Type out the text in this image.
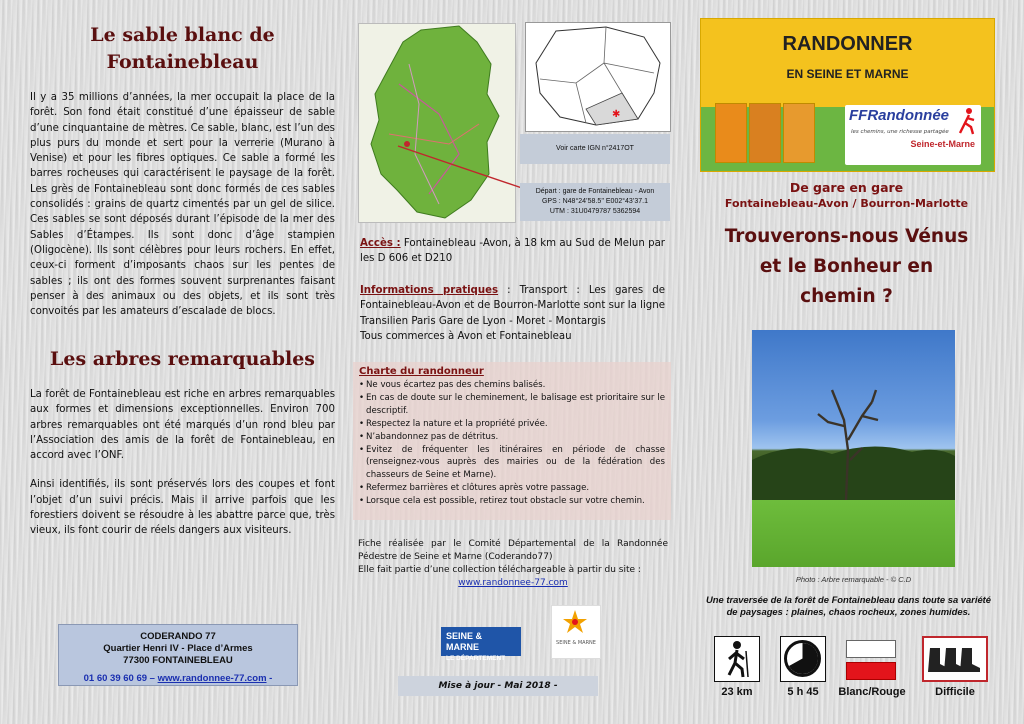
Le sable blanc de
Fontainebleau
Il y a 35 millions d’années, la mer occupait la place de la forêt. Son fond était constitué d’une épaisseur de sable d’une cinquantaine de mètres. Ce sable, blanc, est l’un des plus purs du monde et sert pour la verrerie (Murano à Venise) et pour les fibres optiques. Ce sable a formé les barres rocheuses qui caractérisent le paysage de la forêt. Les grès de Fontainebleau sont donc formés de ces sables consolidés : grains de quartz cimentés par un gel de silice. Ces sables se sont déposés durant l’épisode de la mer des Sables d’Étampes. Ils sont donc d’âge stampien (Oligocène). Ils sont célèbres pour leurs rochers. En effet, ceux-ci forment d’imposants chaos sur les pentes de sables ; ils ont des formes souvent surprenantes faisant penser à des animaux ou des objets, et ils sont très convoités par les amateurs d’escalade de blocs.
Les arbres remarquables
La forêt de Fontainebleau est riche en arbres remarquables aux formes et dimensions exceptionnelles. Environ 700 arbres remarquables ont été marqués d’un rond bleu par l’Association des amis de la forêt de Fontainebleau, en accord avec l’ONF.
Ainsi identifiés, ils sont préservés lors des coupes et font l’objet d’un suivi précis. Mais il arrive parfois que les forestiers doivent se résoudre à les abattre parce que, très vieux, ils font courir de réels dangers aux visiteurs.
CODERANDO 77
Quartier Henri IV - Place d’Armes
77300 FONTAINEBLEAU
01 60 39 60 69 – www.randonnee-77.com -
✱
Voir carte IGN n°2417OT
Départ : gare de Fontainebleau - Avon
GPS : N48°24’58.5’’ E002°43’37.1
UTM : 31U0479787 5362594
Accès : Fontainebleau -Avon, à 18 km au Sud de Melun par les D 606 et D210
Informations pratiques : Transport : Les gares de Fontainebleau-Avon et de Bourron-Marlotte sont sur la ligne Transilien Paris Gare de Lyon - Moret - Montargis
Tous commerces à Avon et Fontainebleau
Charte du randonneur
• Ne vous écartez pas des chemins balisés.
• En cas de doute sur le cheminement, le balisage est prioritaire sur le descriptif.
• Respectez la nature et la propriété privée.
• N’abandonnez pas de détritus.
• Evitez de fréquenter les itinéraires en période de chasse (renseignez-vous auprès des mairies ou de la fédération des chasseurs de Seine et Marne).
• Refermez barrières et clôtures après votre passage.
• Lorsque cela est possible, retirez tout obstacle sur votre chemin.
Fiche réalisée par le Comité Départemental de la Randonnée Pédestre de Seine et Marne (Coderando77)
Elle fait partie d’une collection téléchargeable à partir du site :
www.randonnee-77.com
SEINE & MARNE
LE DÉPARTEMENT
SEINE & MARNE
Mise à jour - Mai 2018 -
RANDONNER
EN SEINE ET MARNE
FFRandonnée
les chemins, une richesse partagée
Seine-et-Marne
De gare en gare
Fontainebleau-Avon / Bourron-Marlotte
Trouverons-nous Vénus
et le Bonheur en
chemin ?
Photo : Arbre remarquable - © C.D
Une traversée de la forêt de Fontainebleau dans toute sa variété de paysages : plaines, chaos rocheux, zones humides.
23 km	5 h 45	Blanc/Rouge	Difficile
